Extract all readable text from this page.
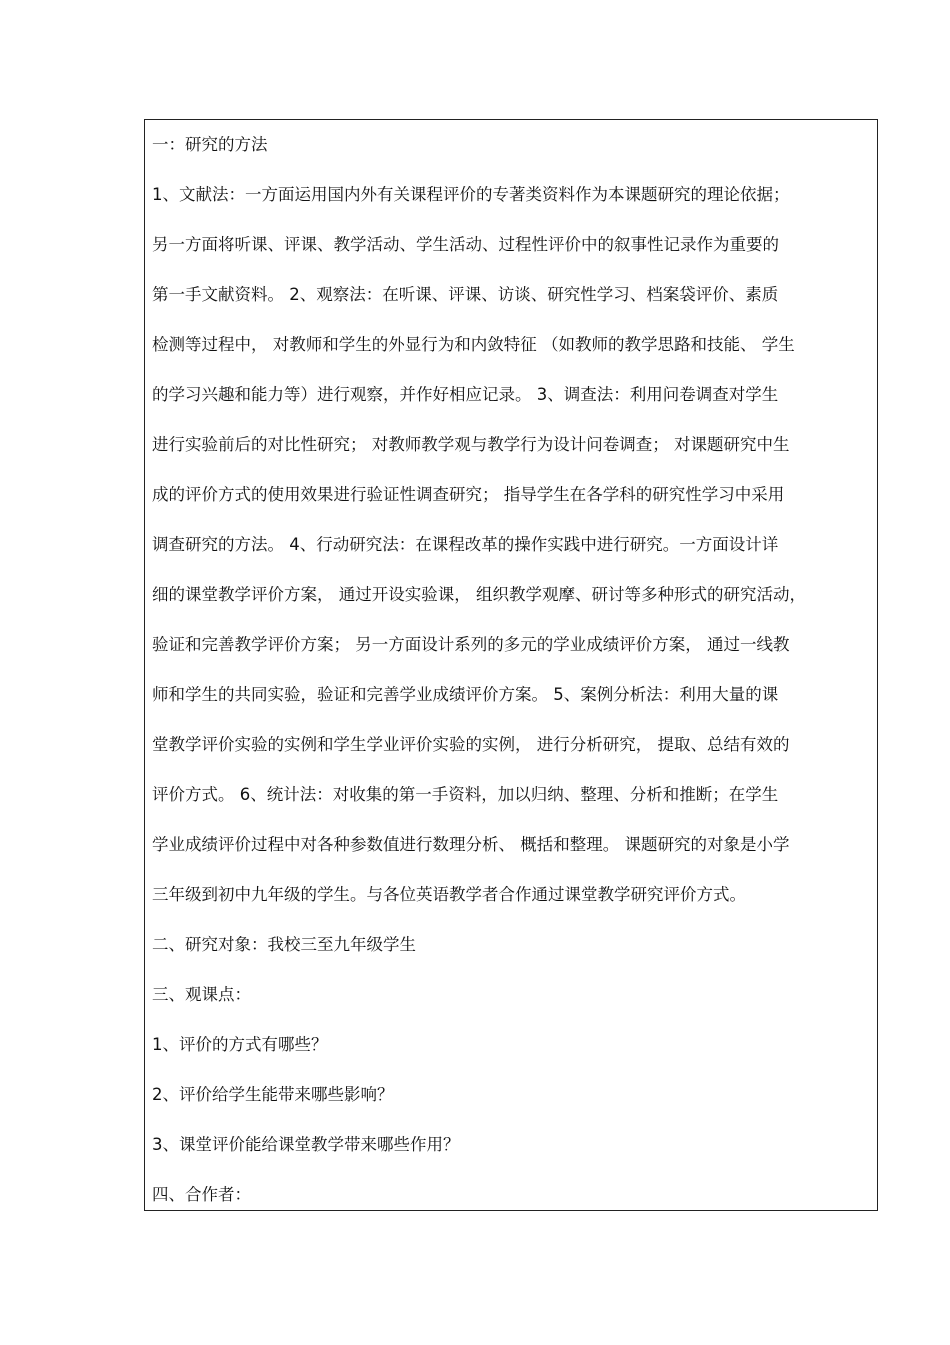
一：研究的方法
1、文献法：一方面运用国内外有关课程评价的专著类资料作为本课题研究的理论依据；
另一方面将听课、评课、教学活动、学生活动、过程性评价中的叙事性记录作为重要的
第一手文献资料。 2、观察法：在听课、评课、访谈、研究性学习、档案袋评价、素质
检测等过程中， 对教师和学生的外显行为和内敛特征 （如教师的教学思路和技能、 学生
的学习兴趣和能力等）进行观察，并作好相应记录。 3、调查法：利用问卷调查对学生
进行实验前后的对比性研究； 对教师教学观与教学行为设计问卷调查； 对课题研究中生
成的评价方式的使用效果进行验证性调查研究； 指导学生在各学科的研究性学习中采用
调查研究的方法。 4、行动研究法：在课程改革的操作实践中进行研究。一方面设计详
细的课堂教学评价方案， 通过开设实验课， 组织教学观摩、研讨等多种形式的研究活动，
验证和完善教学评价方案； 另一方面设计系列的多元的学业成绩评价方案， 通过一线教
师和学生的共同实验，验证和完善学业成绩评价方案。 5、案例分析法：利用大量的课
堂教学评价实验的实例和学生学业评价实验的实例， 进行分析研究， 提取、总结有效的
评价方式。 6、统计法：对收集的第一手资料，加以归纳、整理、分析和推断；在学生
学业成绩评价过程中对各种参数值进行数理分析、 概括和整理。 课题研究的对象是小学
三年级到初中九年级的学生。与各位英语教学者合作通过课堂教学研究评价方式。
二、研究对象：我校三至九年级学生
三、观课点：
1、评价的方式有哪些？
2、评价给学生能带来哪些影响？
3、课堂评价能给课堂教学带来哪些作用？
四、合作者：
